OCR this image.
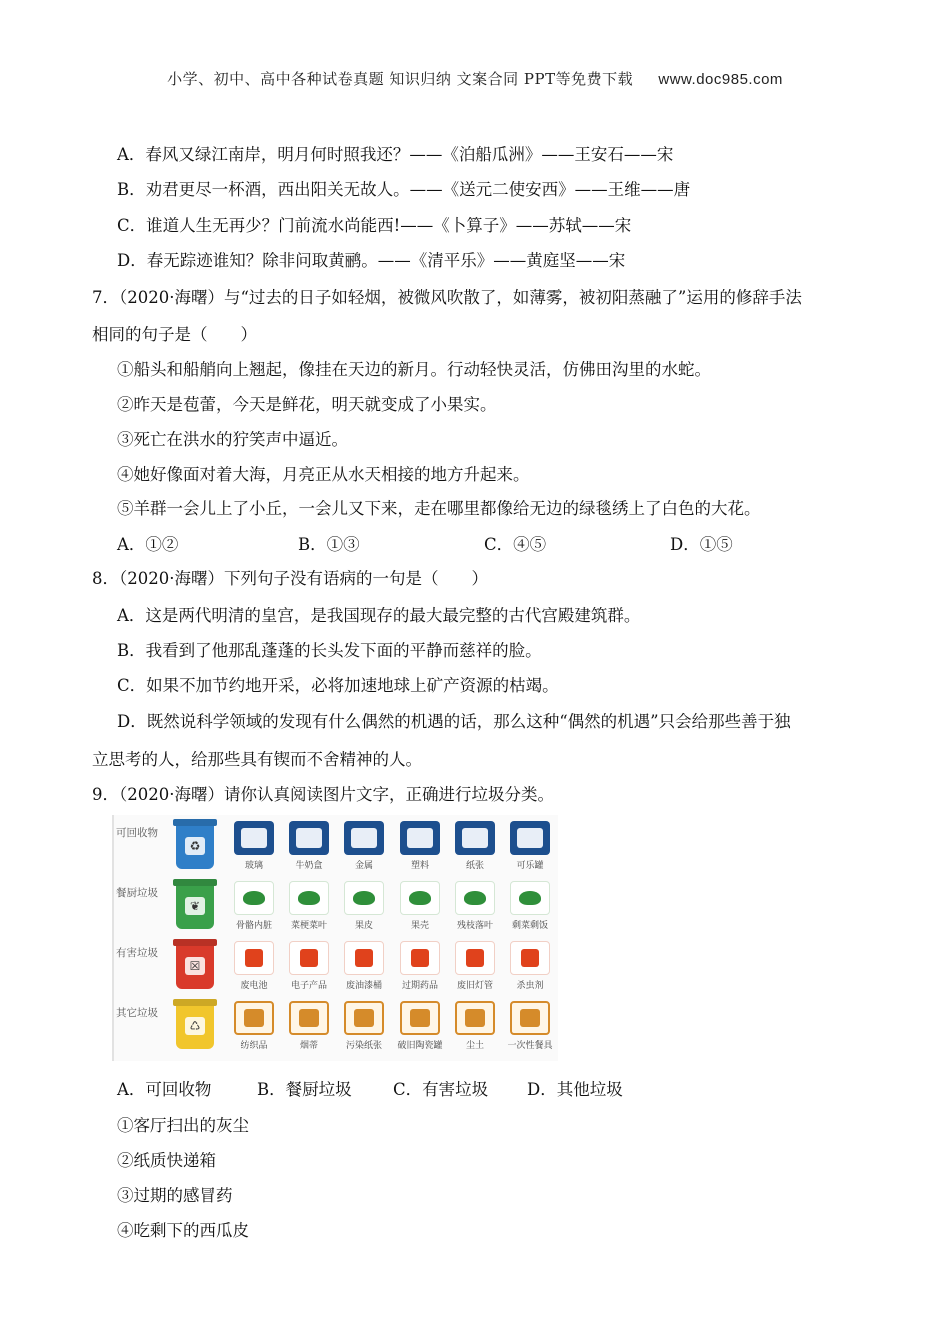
小学、初中、高中各种试卷真题 知识归纳 文案合同 PPT等免费下载 www.doc985.com
A．春风又绿江南岸，明月何时照我还？——《泊船瓜洲》——王安石——宋
B．劝君更尽一杯酒，西出阳关无故人。——《送元二使安西》——王维——唐
C．谁道人生无再少？门前流水尚能西!——《卜算子》——苏轼——宋
D．春无踪迹谁知？除非问取黄鹂。——《清平乐》——黄庭坚——宋
7．（2020·海曙）与“过去的日子如轻烟，被微风吹散了，如薄雾，被初阳蒸融了”运用的修辞手法
相同的句子是（　　）
①船头和船艄向上翘起，像挂在天边的新月。行动轻快灵活，仿佛田沟里的水蛇。
②昨天是苞蕾，今天是鲜花，明天就变成了小果实。
③死亡在洪水的狞笑声中逼近。
④她好像面对着大海，月亮正从水天相接的地方升起来。
⑤羊群一会儿上了小丘，一会儿又下来，走在哪里都像给无边的绿毯绣上了白色的大花。
A．①②	B．①③	C．④⑤	D．①⑤
8．（2020·海曙）下列句子没有语病的一句是（　　）
A．这是两代明清的皇宫，是我国现存的最大最完整的古代宫殿建筑群。
B．我看到了他那乱蓬蓬的长头发下面的平静而慈祥的脸。
C．如果不加节约地开采，必将加速地球上矿产资源的枯竭。
D．既然说科学领域的发现有什么偶然的机遇的话，那么这种“偶然的机遇”只会给那些善于独
立思考的人，给那些具有锲而不舍精神的人。
9．（2020·海曙）请你认真阅读图片文字，正确进行垃圾分类。
可回收物
♻
玻璃	牛奶盒	金属	塑料	纸张	可乐罐
餐厨垃圾
❦
骨骼内脏	菜梗菜叶	果皮	果壳	残枝落叶	剩菜剩饭
有害垃圾
☒
废电池	电子产品	废油漆桶	过期药品	废旧灯管	杀虫剂
其它垃圾
♺
纺织品	烟蒂	污染纸张	破旧陶瓷罐	尘土	一次性餐具
A．可回收物	B．餐厨垃圾	C．有害垃圾 D．其他垃圾
①客厅扫出的灰尘
②纸质快递箱
③过期的感冒药
④吃剩下的西瓜皮
